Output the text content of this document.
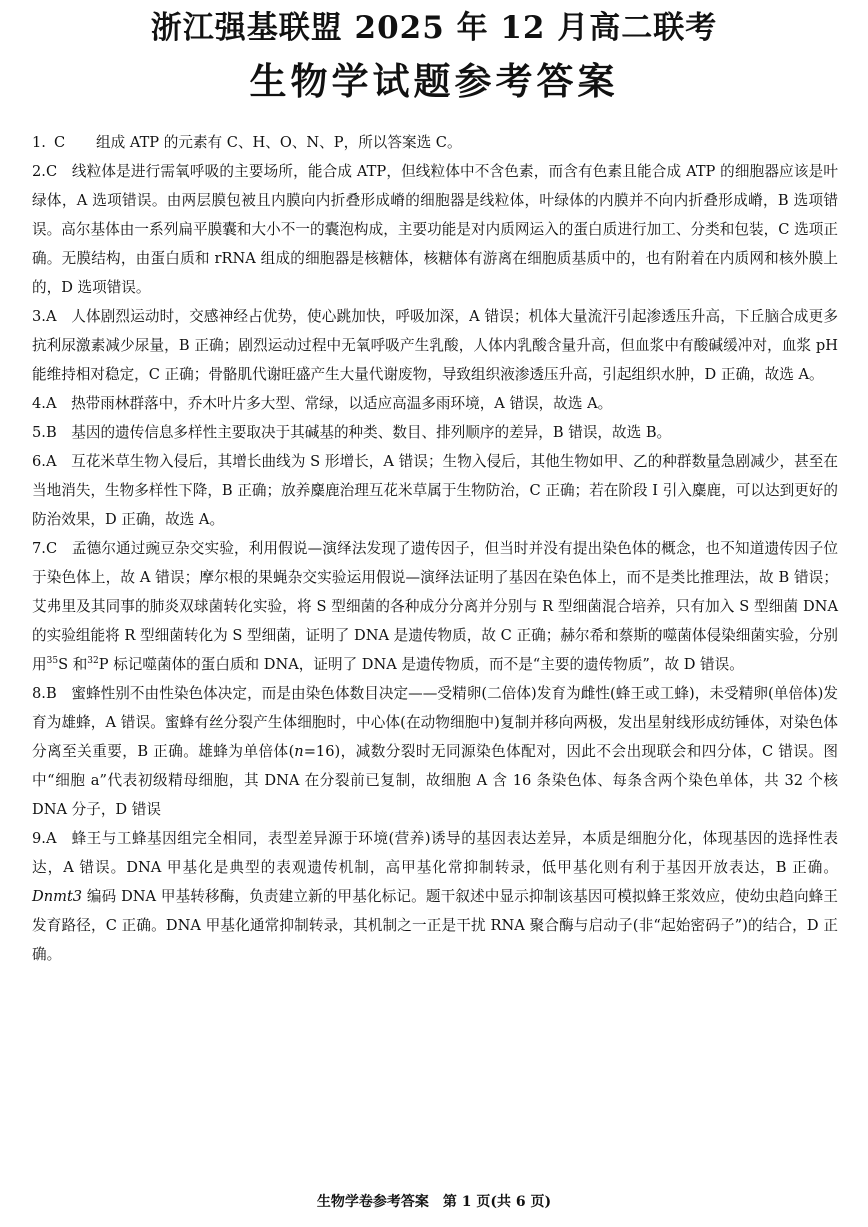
浙江强基联盟 2025 年 12 月高二联考
生物学试题参考答案
1. C	组成 ATP 的元素有 C、H、O、N、P，所以答案选 C。
2.C  线粒体是进行需氧呼吸的主要场所，能合成 ATP，但线粒体中不含色素，而含有色素且能合成 ATP 的细胞器应该是叶绿体，A 选项错误。由两层膜包被且内膜向内折叠形成嵴的细胞器是线粒体，叶绿体的内膜并不向内折叠形成嵴，B 选项错误。高尔基体由一系列扁平膜囊和大小不一的囊泡构成，主要功能是对内质网运入的蛋白质进行加工、分类和包装，C 选项正确。无膜结构，由蛋白质和 rRNA 组成的细胞器是核糖体，核糖体有游离在细胞质基质中的，也有附着在内质网和核外膜上的，D 选项错误。
3.A  人体剧烈运动时，交感神经占优势，使心跳加快，呼吸加深，A 错误；机体大量流汗引起渗透压升高，下丘脑合成更多抗利尿激素减少尿量，B 正确；剧烈运动过程中无氧呼吸产生乳酸，人体内乳酸含量升高，但血浆中有酸碱缓冲对，血浆 pH 能维持相对稳定，C 正确；骨骼肌代谢旺盛产生大量代谢废物，导致组织液渗透压升高，引起组织水肿，D 正确，故选 A。
4.A  热带雨林群落中，乔木叶片多大型、常绿，以适应高温多雨环境，A 错误，故选 A。
5.B  基因的遗传信息多样性主要取决于其碱基的种类、数目、排列顺序的差异，B 错误，故选 B。
6.A  互花米草生物入侵后，其增长曲线为 S 形增长，A 错误；生物入侵后，其他生物如甲、乙的种群数量急剧减少，甚至在当地消失，生物多样性下降，B 正确；放养麋鹿治理互花米草属于生物防治，C 正确；若在阶段 Ⅰ 引入麋鹿，可以达到更好的防治效果，D 正确，故选 A。
7.C  孟德尔通过豌豆杂交实验，利用假说—演绎法发现了遗传因子，但当时并没有提出染色体的概念，也不知道遗传因子位于染色体上，故 A 错误；摩尔根的果蝇杂交实验运用假说—演绎法证明了基因在染色体上，而不是类比推理法，故 B 错误；艾弗里及其同事的肺炎双球菌转化实验，将 S 型细菌的各种成分分离并分别与 R 型细菌混合培养，只有加入 S 型细菌 DNA 的实验组能将 R 型细菌转化为 S 型细菌，证明了 DNA 是遗传物质，故 C 正确；赫尔希和蔡斯的噬菌体侵染细菌实验，分别用$^{35}$S 和$^{32}$P 标记噬菌体的蛋白质和 DNA，证明了 DNA 是遗传物质，而不是“主要的遗传物质”，故 D 错误。
8.B  蜜蜂性别不由性染色体决定，而是由染色体数目决定——受精卵(二倍体)发育为雌性(蜂王或工蜂)，未受精卵(单倍体)发育为雄蜂，A 错误。蜜蜂有丝分裂产生体细胞时，中心体(在动物细胞中)复制并移向两极，发出星射线形成纺锤体，对染色体分离至关重要，B 正确。雄蜂为单倍体(n=16)，减数分裂时无同源染色体配对，因此不会出现联会和四分体，C 错误。图中“细胞 a”代表初级精母细胞，其 DNA 在分裂前已复制，故细胞 A 含 16 条染色体、每条含两个染色单体，共 32 个核 DNA 分子，D 错误
9.A  蜂王与工蜂基因组完全相同，表型差异源于环境(营养)诱导的基因表达差异，本质是细胞分化，体现基因的选择性表达，A 错误。DNA 甲基化是典型的表观遗传机制，高甲基化常抑制转录，低甲基化则有利于基因开放表达，B 正确。Dnmt3 编码 DNA 甲基转移酶，负责建立新的甲基化标记。题干叙述中显示抑制该基因可模拟蜂王浆效应，使幼虫趋向蜂王发育路径，C 正确。DNA 甲基化通常抑制转录，其机制之一正是干扰 RNA 聚合酶与启动子(非“起始密码子”)的结合，D 正确。
生物学卷参考答案　第 1 页(共 6 页)
